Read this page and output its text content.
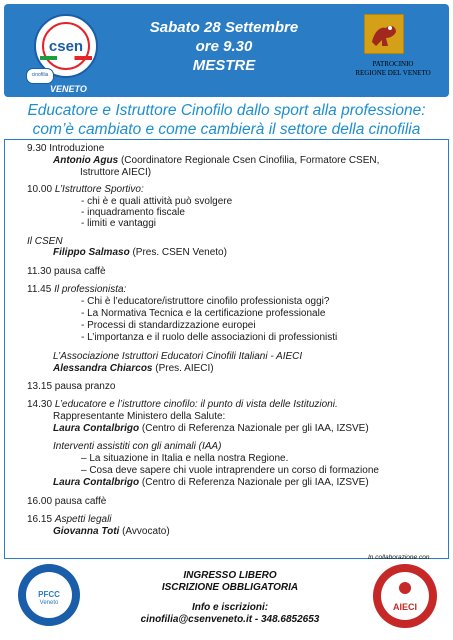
csen
cinofilia
VENETO
Sabato 28 Settembre
ore 9.30
MESTRE	PATROCINIO
REGIONE DEL VENETO
Educatore e Istruttore Cinofilo dallo sport alla professione:
com’è cambiato e come cambierà il settore della cinofilia
9.30 Introduzione
Antonio Agus (Coordinatore Regionale Csen Cinofilia, Formatore CSEN,
Istruttore AIECI)
10.00 L’Istruttore Sportivo:
- chi è e quali attività può svolgere
- inquadramento fiscale
- limiti e vantaggi
Il CSEN
Filippo Salmaso (Pres. CSEN Veneto)
11.30 pausa caffè
11.45 Il professionista:
- Chi è l’educatore/istruttore cinofilo professionista oggi?
- La Normativa Tecnica e la certificazione professionale
- Processi di standardizzazione europei
- L’importanza e il ruolo delle associazioni di professionisti
L’Associazione Istruttori Educatori Cinofili Italiani - AIECI
Alessandra Chiarcos (Pres. AIECI)
13.15 pausa pranzo
14.30 L’educatore e l’istruttore cinofilo: il punto di vista delle Istituzioni.
Rappresentante Ministero della Salute:
Laura Contalbrigo (Centro di Referenza Nazionale per gli IAA, IZSVE)
Interventi assistiti con gli animali (IAA)
– La situazione in Italia e nella nostra Regione.
– Cosa deve sapere chi vuole intraprendere un corso di formazione
Laura Contalbrigo (Centro di Referenza Nazionale per gli IAA, IZSVE)
16.00 pausa caffè
16.15 Aspetti legali
Giovanna Toti (Avvocato)
PFCC
Veneto
INGRESSO LIBERO
ISCRIZIONE OBBLIGATORIA
Info e iscrizioni:
cinofilia@csenveneto.it - 348.6852653
In collaborazione con
AIECI
